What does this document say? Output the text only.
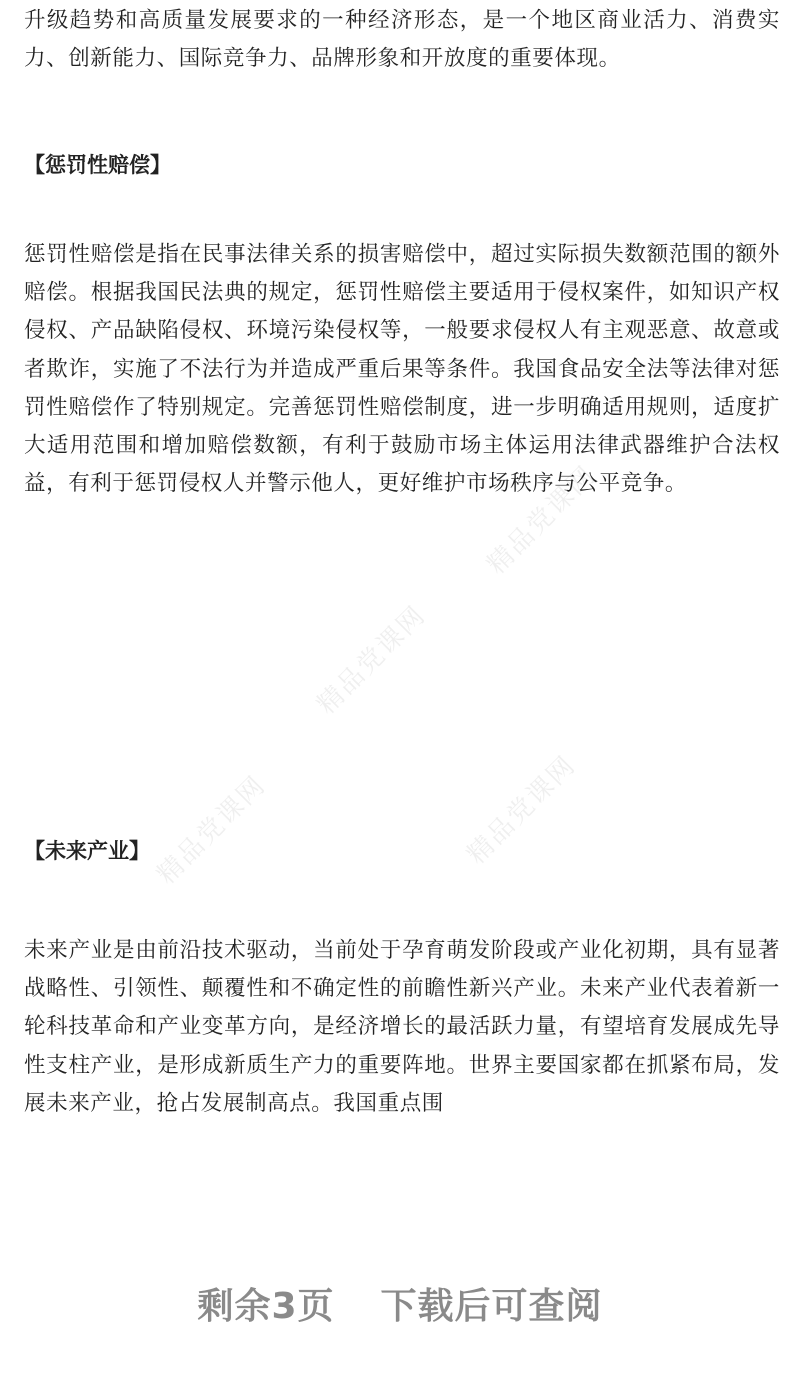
精品党课网
精品党课网
精品党课网
精品党课网

升级趋势和高质量发展要求的一种经济形态，是一个地区商业活力、消费实力、创新能力、国际竞争力、品牌形象和开放度的重要体现。

【惩罚性赔偿】

惩罚性赔偿是指在民事法律关系的损害赔偿中，超过实际损失数额范围的额外赔偿。根据我国民法典的规定，惩罚性赔偿主要适用于侵权案件，如知识产权侵权、产品缺陷侵权、环境污染侵权等，一般要求侵权人有主观恶意、故意或者欺诈，实施了不法行为并造成严重后果等条件。我国食品安全法等法律对惩罚性赔偿作了特别规定。完善惩罚性赔偿制度，进一步明确适用规则，适度扩大适用范围和增加赔偿数额，有利于鼓励市场主体运用法律武器维护合法权益，有利于惩罚侵权人并警示他人，更好维护市场秩序与公平竞争。

【未来产业】

未来产业是由前沿技术驱动，当前处于孕育萌发阶段或产业化初期，具有显著战略性、引领性、颠覆性和不确定性的前瞻性新兴产业。未来产业代表着新一轮科技革命和产业变革方向，是经济增长的最活跃力量，有望培育发展成先导性支柱产业，是形成新质生产力的重要阵地。世界主要国家都在抓紧布局，发展未来产业，抢占发展制高点。我国重点围

剩余3页 下载后可查阅
